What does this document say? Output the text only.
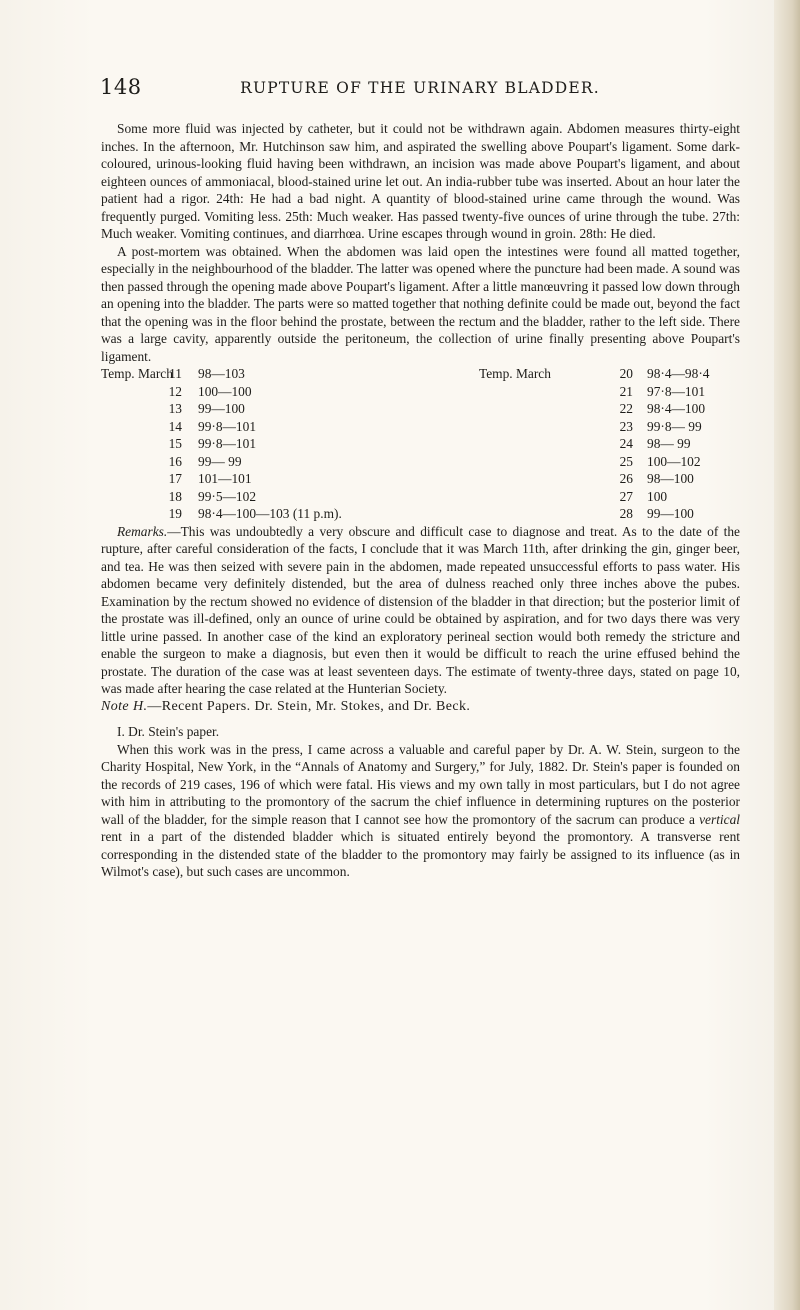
148	RUPTURE OF THE URINARY BLADDER.

Some more fluid was injected by catheter, but it could not be withdrawn again. Abdomen measures thirty-eight inches. In the afternoon, Mr. Hutchinson saw him, and aspirated the swelling above Poupart's ligament. Some dark-coloured, urinous-looking fluid having been withdrawn, an incision was made above Poupart's ligament, and about eighteen ounces of ammoniacal, blood-stained urine let out. An india-rubber tube was inserted. About an hour later the patient had a rigor. 24th: He had a bad night. A quantity of blood-stained urine came through the wound. Was frequently purged. Vomiting less. 25th: Much weaker. Has passed twenty-five ounces of urine through the tube. 27th: Much weaker. Vomiting continues, and diarrhœa. Urine escapes through wound in groin. 28th: He died.

A post-mortem was obtained. When the abdomen was laid open the intestines were found all matted together, especially in the neighbourhood of the bladder. The latter was opened where the puncture had been made. A sound was then passed through the opening made above Poupart's ligament. After a little manœuvring it passed low down through an opening into the bladder. The parts were so matted together that nothing definite could be made out, beyond the fact that the opening was in the floor behind the prostate, between the rectum and the bladder, rather to the left side. There was a large cavity, apparently outside the peritoneum, the collection of urine finally presenting above Poupart's ligament.

Temp. March
11 98—103	Temp. March	20 98·4—98·4
12 100—100	21 97·8—101
13 99—100	22 98·4—100
14 99·8—101	23 99·8— 99
15 99·8—101	24 98— 99
16 99— 99	25 100—102
17 101—101	26 98—100
18 99·5—102	27 100
19 98·4—100—103 (11 p.m).	28 99—100

Remarks.—This was undoubtedly a very obscure and difficult case to diagnose and treat. As to the date of the rupture, after careful consideration of the facts, I conclude that it was March 11th, after drinking the gin, ginger beer, and tea. He was then seized with severe pain in the abdomen, made repeated unsuccessful efforts to pass water. His abdomen became very definitely distended, but the area of dulness reached only three inches above the pubes. Examination by the rectum showed no evidence of distension of the bladder in that direction; but the posterior limit of the prostate was ill-defined, only an ounce of urine could be obtained by aspiration, and for two days there was very little urine passed. In another case of the kind an exploratory perineal section would both remedy the stricture and enable the surgeon to make a diagnosis, but even then it would be difficult to reach the urine effused behind the prostate. The duration of the case was at least seventeen days. The estimate of twenty-three days, stated on page 10, was made after hearing the case related at the Hunterian Society.

Note H.—Recent Papers. Dr. Stein, Mr. Stokes, and Dr. Beck.

I. Dr. Stein's paper.

When this work was in the press, I came across a valuable and careful paper by Dr. A. W. Stein, surgeon to the Charity Hospital, New York, in the “Annals of Anatomy and Surgery,” for July, 1882. Dr. Stein's paper is founded on the records of 219 cases, 196 of which were fatal. His views and my own tally in most particulars, but I do not agree with him in attributing to the promontory of the sacrum the chief influence in determining ruptures on the posterior wall of the bladder, for the simple reason that I cannot see how the promontory of the sacrum can produce a vertical rent in a part of the distended bladder which is situated entirely beyond the promontory. A transverse rent corresponding in the distended state of the bladder to the promontory may fairly be assigned to its influence (as in Wilmot's case), but such cases are uncommon.
